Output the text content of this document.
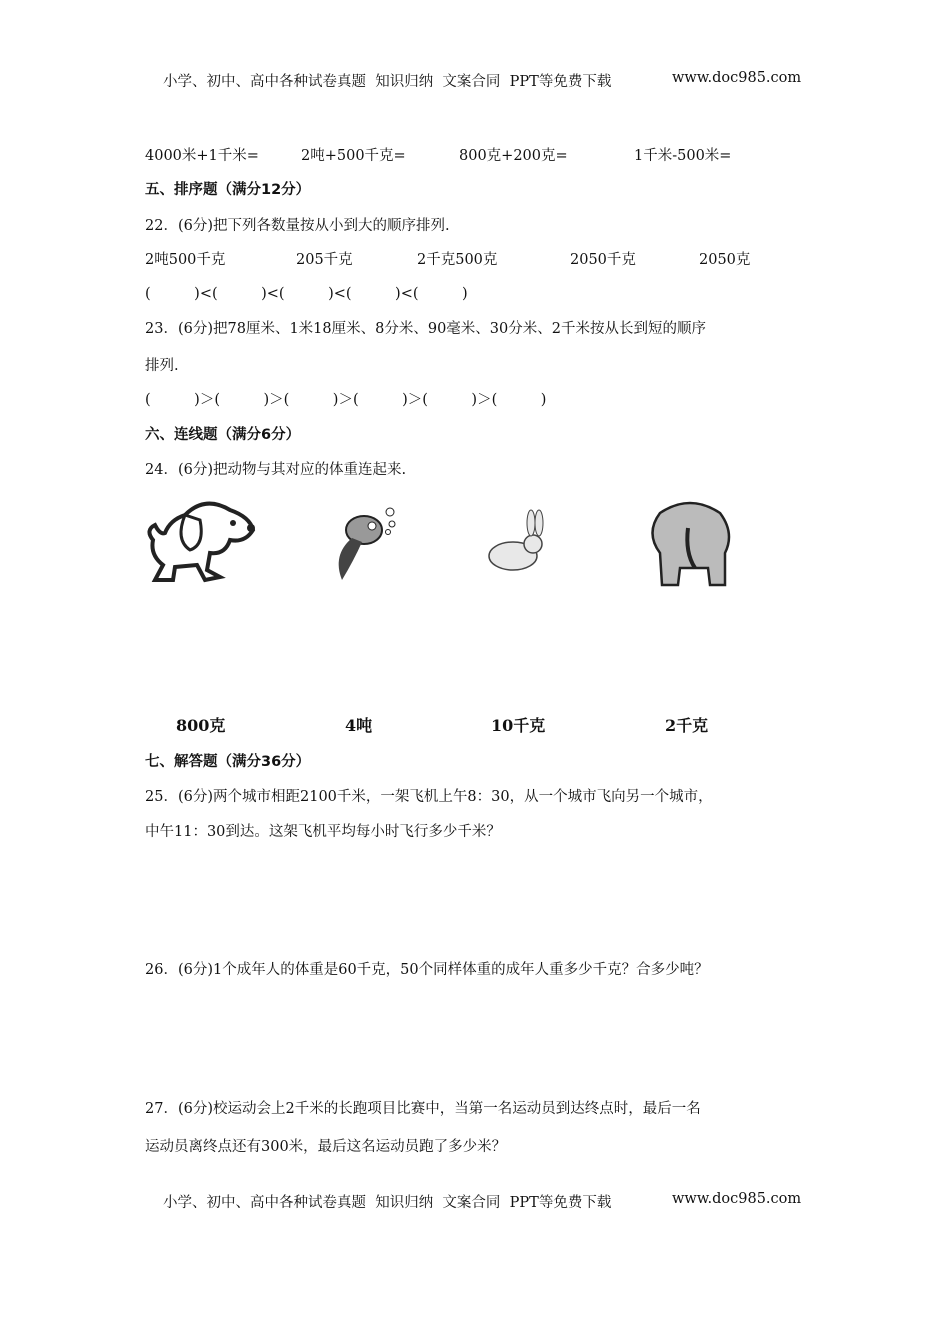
小学、初中、高中各种试卷真题  知识归纳  文案合同  PPT等免费下载	www.doc985.com
4000米+1千米=	2吨+500千克=	800克+200克=	1千米-500米=
五、排序题（满分12分）
22．(6分)把下列各数量按从小到大的顺序排列.
2吨500千克	205千克	2千克500克	2050千克	2050克
(　　　)<(　　　)<(　　　)<(　　　)<(　　　)
23．(6分)把78厘米、1米18厘米、8分米、90毫米、30分米、2千米按从长到短的顺序
排列.
(　　　)＞(　　　)＞(　　　)＞(　　　)＞(　　　)＞(　　　)
六、连线题（满分6分）
24．(6分)把动物与其对应的体重连起来.
800克	4吨	10千克	2千克
七、解答题（满分36分）
25．(6分)两个城市相距2100千米，一架飞机上午8：30，从一个城市飞向另一个城市，
中午11：30到达。这架飞机平均每小时飞行多少千米？
26．(6分)1个成年人的体重是60千克，50个同样体重的成年人重多少千克？合多少吨？
27．(6分)校运动会上2千米的长跑项目比赛中，当第一名运动员到达终点时，最后一名
运动员离终点还有300米，最后这名运动员跑了多少米？
小学、初中、高中各种试卷真题  知识归纳  文案合同  PPT等免费下载	www.doc985.com
